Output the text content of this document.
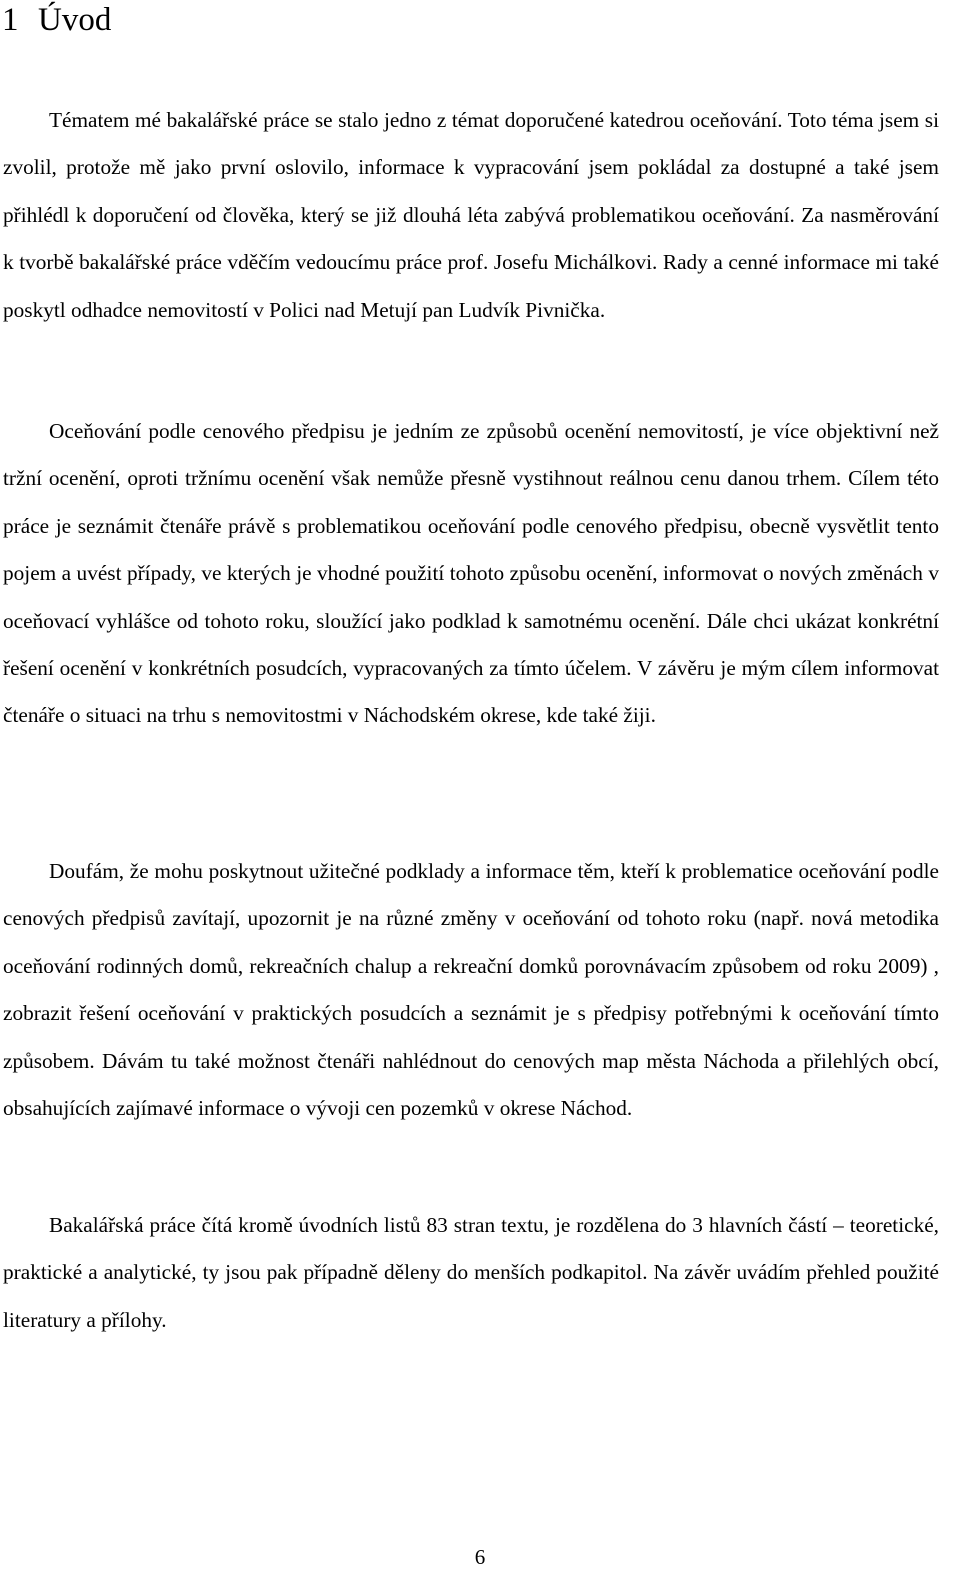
1 Úvod

Tématem mé bakalářské práce se stalo jedno z témat doporučené katedrou oceňování. Toto téma jsem si zvolil, protože mě jako první oslovilo, informace k vypracování jsem pokládal za dostupné a také jsem přihlédl k doporučení od člověka, který se již dlouhá léta zabývá problematikou oceňování. Za nasměrování k tvorbě bakalářské práce vděčím vedoucímu práce prof. Josefu Michálkovi. Rady a cenné informace mi také poskytl odhadce nemovitostí v Polici nad Metují pan Ludvík Pivnička.

Oceňování podle cenového předpisu je jedním ze způsobů ocenění nemovitostí, je více objektivní než tržní ocenění, oproti tržnímu ocenění však nemůže přesně vystihnout reálnou cenu danou trhem. Cílem této práce je seznámit čtenáře právě s problematikou oceňování podle cenového předpisu, obecně vysvětlit tento pojem a uvést případy, ve kterých je vhodné použití tohoto způsobu ocenění, informovat o nových změnách v oceňovací vyhlášce od tohoto roku, sloužící jako podklad k samotnému ocenění. Dále chci ukázat konkrétní řešení ocenění v konkrétních posudcích, vypracovaných za tímto účelem. V závěru je mým cílem informovat čtenáře o situaci na trhu s nemovitostmi v Náchodském okrese, kde také žiji.

Doufám, že mohu poskytnout užitečné podklady a informace těm, kteří k problematice oceňování podle cenových předpisů zavítají, upozornit je na různé změny v oceňování od tohoto roku (např. nová metodika oceňování rodinných domů, rekreačních chalup a rekreační domků porovnávacím způsobem od roku 2009) , zobrazit řešení oceňování v praktických posudcích a seznámit je s předpisy potřebnými k oceňování tímto způsobem. Dávám tu také možnost čtenáři nahlédnout do cenových map města Náchoda a přilehlých obcí, obsahujících zajímavé informace o vývoji cen pozemků v okrese Náchod.

Bakalářská práce čítá kromě úvodních listů 83 stran textu, je rozdělena do 3 hlavních částí – teoretické, praktické a analytické, ty jsou pak případně děleny do menších podkapitol. Na závěr uvádím přehled použité literatury a přílohy.

6
